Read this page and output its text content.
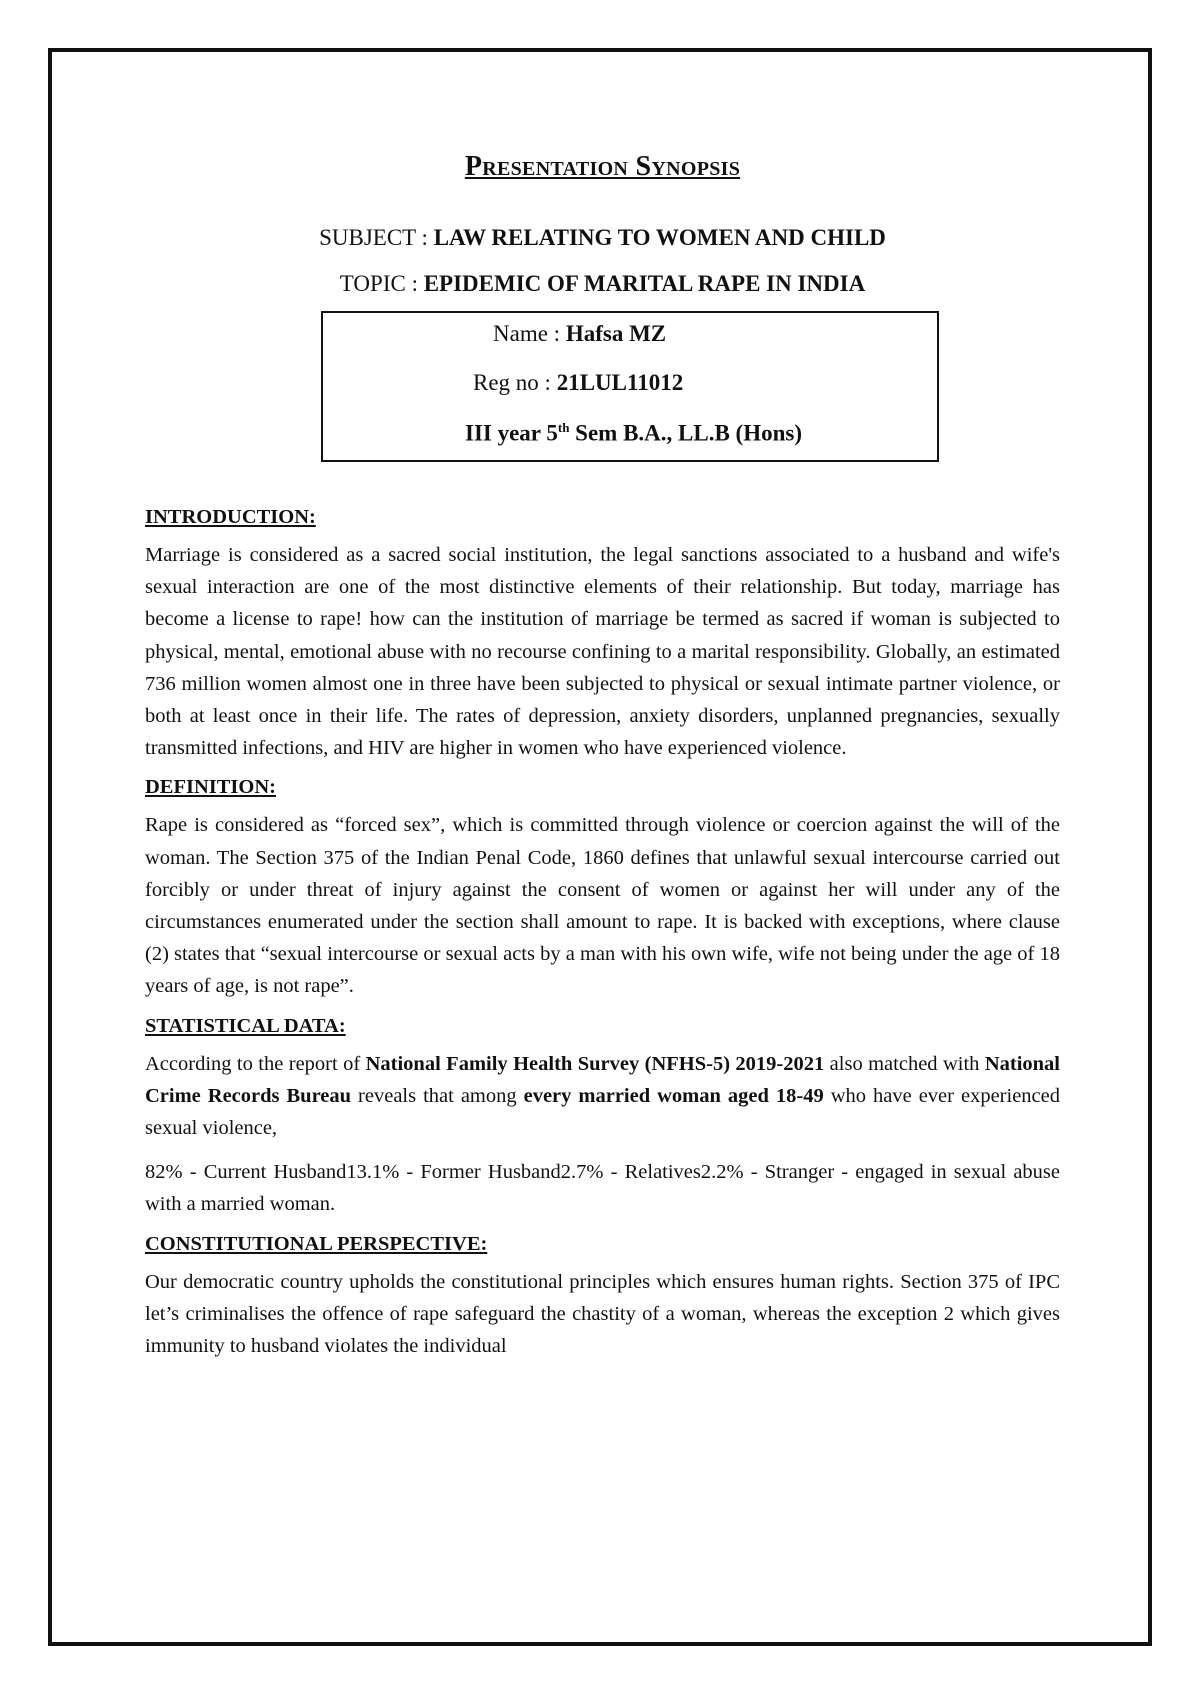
Presentation Synopsis
SUBJECT : LAW RELATING TO WOMEN AND CHILD
TOPIC : EPIDEMIC OF MARITAL RAPE IN INDIA
Name : Hafsa MZ
Reg no : 21LUL11012
III year 5th Sem B.A., LL.B (Hons)
INTRODUCTION:

Marriage is considered as a sacred social institution, the legal sanctions associated to a husband and wife's sexual interaction are one of the most distinctive elements of their relationship. But today, marriage has become a license to rape! how can the institution of marriage be termed as sacred if woman is subjected to physical, mental, emotional abuse with no recourse confining to a marital responsibility. Globally, an estimated 736 million women almost one in three have been subjected to physical or sexual intimate partner violence, or both at least once in their life. The rates of depression, anxiety disorders, unplanned pregnancies, sexually transmitted infections, and HIV are higher in women who have experienced violence.

DEFINITION:

Rape is considered as “forced sex”, which is committed through violence or coercion against the will of the woman. The Section 375 of the Indian Penal Code, 1860 defines that unlawful sexual intercourse carried out forcibly or under threat of injury against the consent of women or against her will under any of the circumstances enumerated under the section shall amount to rape. It is backed with exceptions, where clause (2) states that “sexual intercourse or sexual acts by a man with his own wife, wife not being under the age of 18 years of age, is not rape”.

STATISTICAL DATA:

According to the report of National Family Health Survey (NFHS-5) 2019-2021 also matched with National Crime Records Bureau reveals that among every married woman aged 18-49 who have ever experienced sexual violence,

82% - Current Husband13.1% - Former Husband2.7% - Relatives2.2% - Stranger - engaged in sexual abuse with a married woman.

CONSTITUTIONAL PERSPECTIVE:

Our democratic country upholds the constitutional principles which ensures human rights. Section 375 of IPC let’s criminalises the offence of rape safeguard the chastity of a woman, whereas the exception 2 which gives immunity to husband violates the individual
